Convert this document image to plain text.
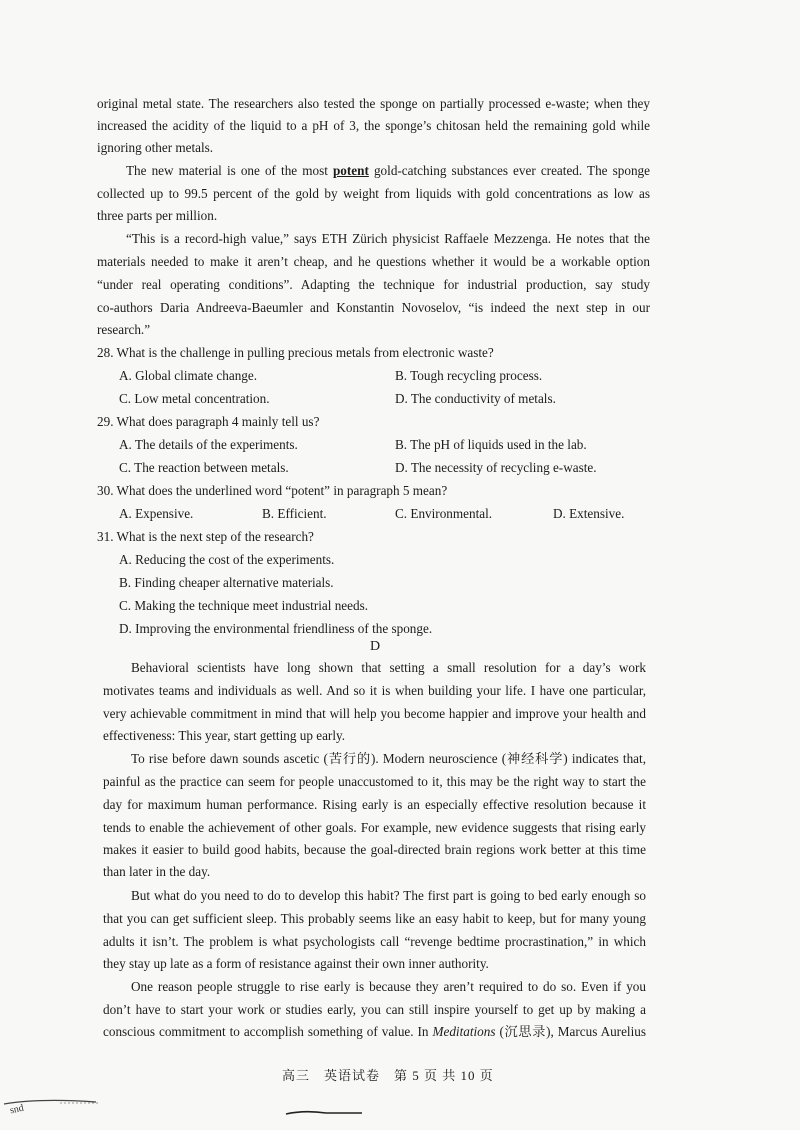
original metal state. The researchers also tested the sponge on partially processed e-waste; when they
increased the acidity of the liquid to a pH of 3, the sponge’s chitosan held the remaining gold while
ignoring other metals.
The new material is one of the most potent gold-catching substances ever created. The sponge
collected up to 99.5 percent of the gold by weight from liquids with gold concentrations as low as
three parts per million.
“This is a record-high value,” says ETH Zürich physicist Raffaele Mezzenga. He notes that the
materials needed to make it aren’t cheap, and he questions whether it would be a workable option
“under real operating conditions”. Adapting the technique for industrial production, say study
co-authors Daria Andreeva-Baeumler and Konstantin Novoselov, “is indeed the next step in our
research.”
28. What is the challenge in pulling precious metals from electronic waste?
A. Global climate change.	B. Tough recycling process.
C. Low metal concentration.	D. The conductivity of metals.
29. What does paragraph 4 mainly tell us?
A. The details of the experiments.	B. The pH of liquids used in the lab.
C. The reaction between metals.	D. The necessity of recycling e-waste.
30. What does the underlined word “potent” in paragraph 5 mean?
A. Expensive.	B. Efficient.	C. Environmental.	D. Extensive.
31. What is the next step of the research?
A. Reducing the cost of the experiments.
B. Finding cheaper alternative materials.
C. Making the technique meet industrial needs.
D. Improving the environmental friendliness of the sponge.
D
Behavioral scientists have long shown that setting a small resolution for a day’s work
motivates teams and individuals as well. And so it is when building your life. I have one particular,
very achievable commitment in mind that will help you become happier and improve your health and
effectiveness: This year, start getting up early.
To rise before dawn sounds ascetic (苦行的). Modern neuroscience (神经科学) indicates that,
painful as the practice can seem for people unaccustomed to it, this may be the right way to start the
day for maximum human performance. Rising early is an especially effective resolution because it
tends to enable the achievement of other goals. For example, new evidence suggests that rising early
makes it easier to build good habits, because the goal-directed brain regions work better at this time
than later in the day.
But what do you need to do to develop this habit? The first part is going to bed early enough so
that you can get sufficient sleep. This probably seems like an easy habit to keep, but for many young
adults it isn’t. The problem is what psychologists call “revenge bedtime procrastination,” in which
they stay up late as a form of resistance against their own inner authority.
One reason people struggle to rise early is because they aren’t required to do so. Even if you
don’t have to start your work or studies early, you can still inspire yourself to get up by making a
conscious commitment to accomplish something of value. In Meditations (沉思录), Marcus Aurelius
高三　英语试卷　第 5 页 共 10 页
snd
